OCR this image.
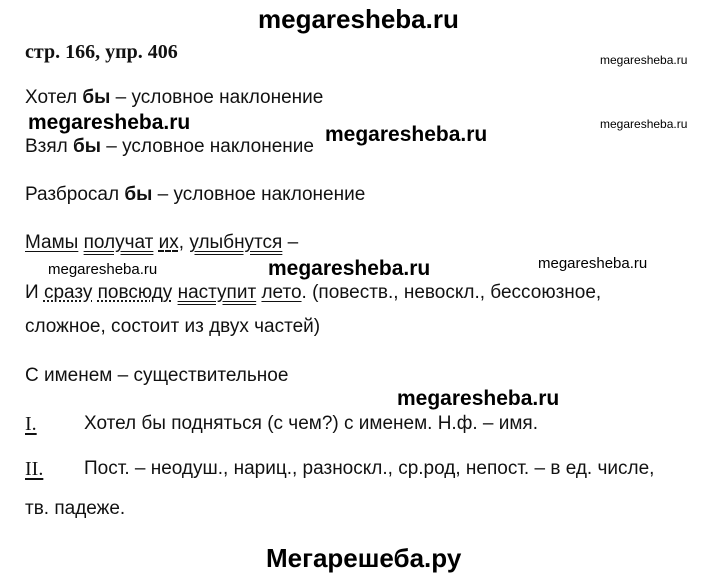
megaresheba.ru
стр. 166, упр. 406	megaresheba.ru
Хотел бы – условное наклонение
megaresheba.ru
megaresheba.ru	megaresheba.ru
Взял бы – условное наклонение
Разбросал бы – условное наклонение
Мамы получат их, улыбнутся –
megaresheba.ru	megaresheba.ru	megaresheba.ru
И сразу повсюду наступит лето. (повеств., невоскл., бессоюзное,
сложное, состоит из двух частей)
С именем – существительное
megaresheba.ru
I. Хотел бы подняться (с чем?) с именем. Н.ф. – имя.
II. Пост. – неодуш., нариц., разноскл., ср.род, непост. – в ед. числе,
тв. падеже.
Мегарешеба.ру
